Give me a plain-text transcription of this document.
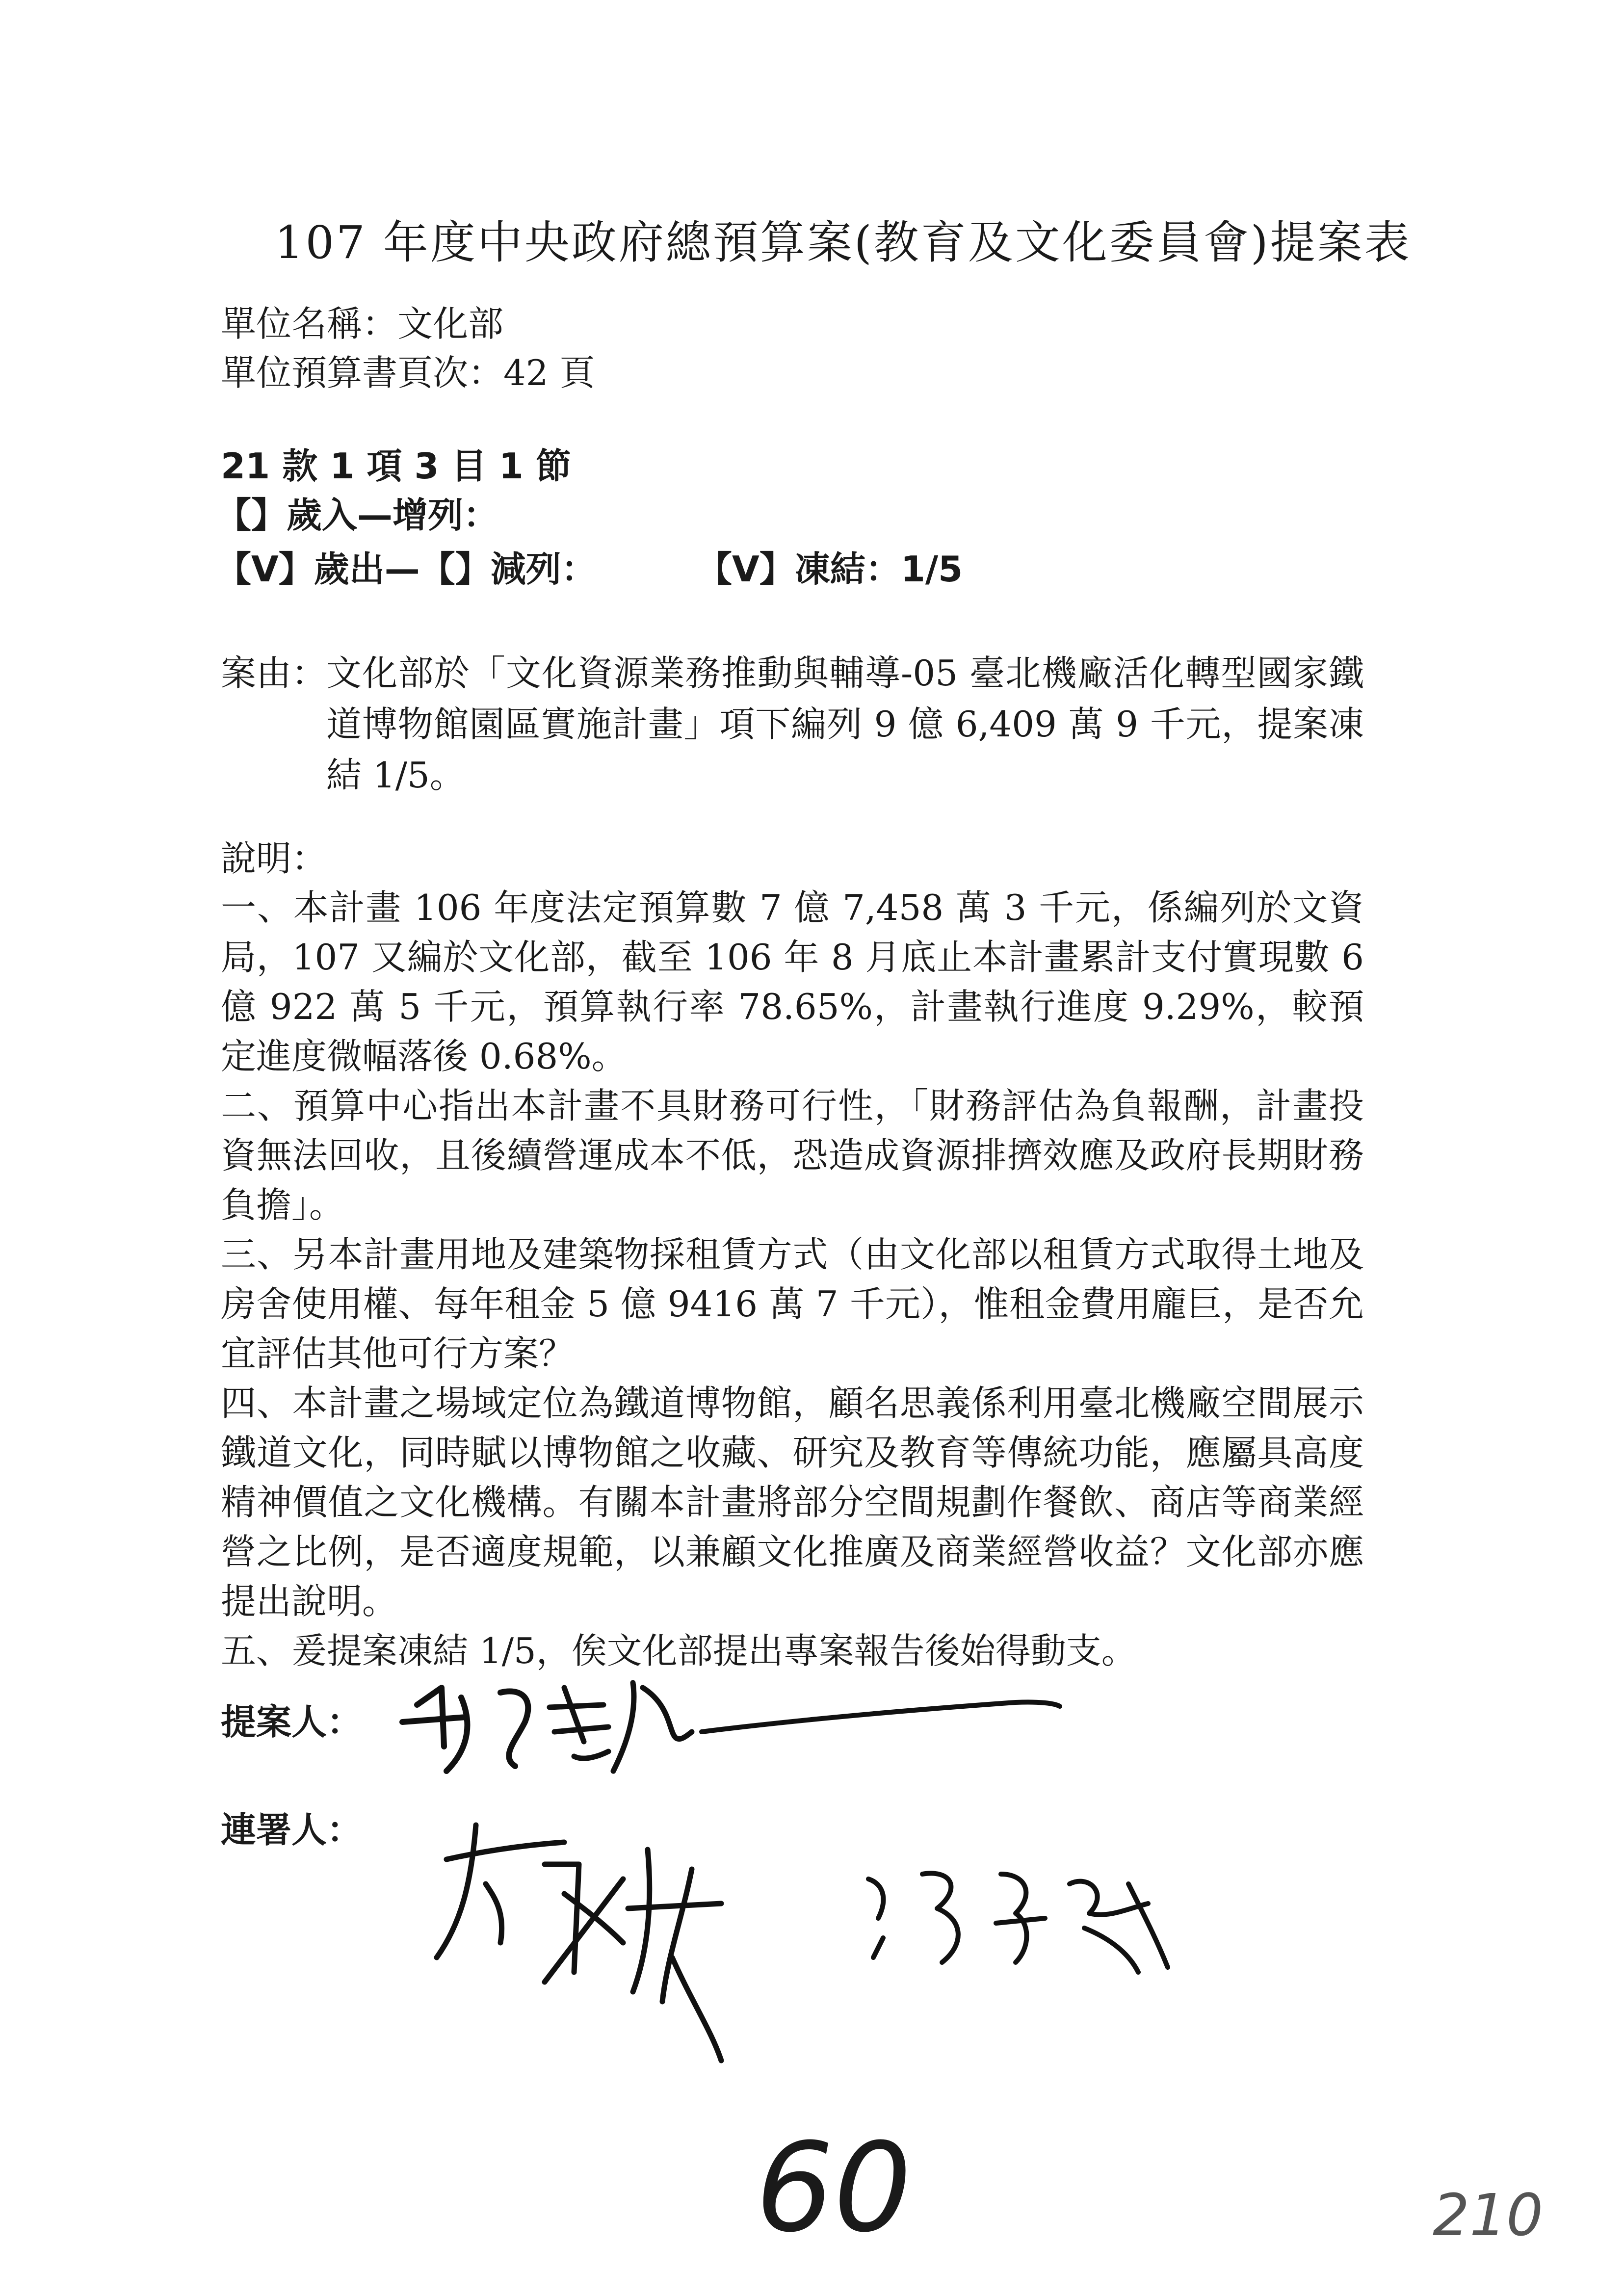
107 年度中央政府總預算案(教育及文化委員會)提案表
單位名稱：文化部
單位預算書頁次：42 頁
21 款 1 項 3 目 1 節
【】歲入—增列：
【V】歲出—【】減列：	【V】凍結：1/5
案由：
文化部於「文化資源業務推動與輔導-05 臺北機廠活化轉型國家鐵道博物館園區實施計畫」項下編列 9 億 6,409 萬 9 千元，提案凍結 1/5。
說明：

一、本計畫 106 年度法定預算數 7 億 7,458 萬 3 千元，係編列於文資局，107 又編於文化部，截至 106 年 8 月底止本計畫累計支付實現數 6 億 922 萬 5 千元，預算執行率 78.65%，計畫執行進度 9.29%，較預定進度微幅落後 0.68%。

二、預算中心指出本計畫不具財務可行性，「財務評估為負報酬，計畫投資無法回收，且後續營運成本不低，恐造成資源排擠效應及政府長期財務負擔」。

三、另本計畫用地及建築物採租賃方式（由文化部以租賃方式取得土地及房舍使用權、每年租金 5 億 9416 萬 7 千元），惟租金費用龐巨，是否允宜評估其他可行方案？

四、本計畫之場域定位為鐵道博物館，顧名思義係利用臺北機廠空間展示鐵道文化，同時賦以博物館之收藏、研究及教育等傳統功能，應屬具高度精神價值之文化機構。有關本計畫將部分空間規劃作餐飲、商店等商業經營之比例，是否適度規範，以兼顧文化推廣及商業經營收益？文化部亦應提出說明。

五、爰提案凍結 1/5，俟文化部提出專案報告後始得動支。

提案人：
連署人：
60	210
